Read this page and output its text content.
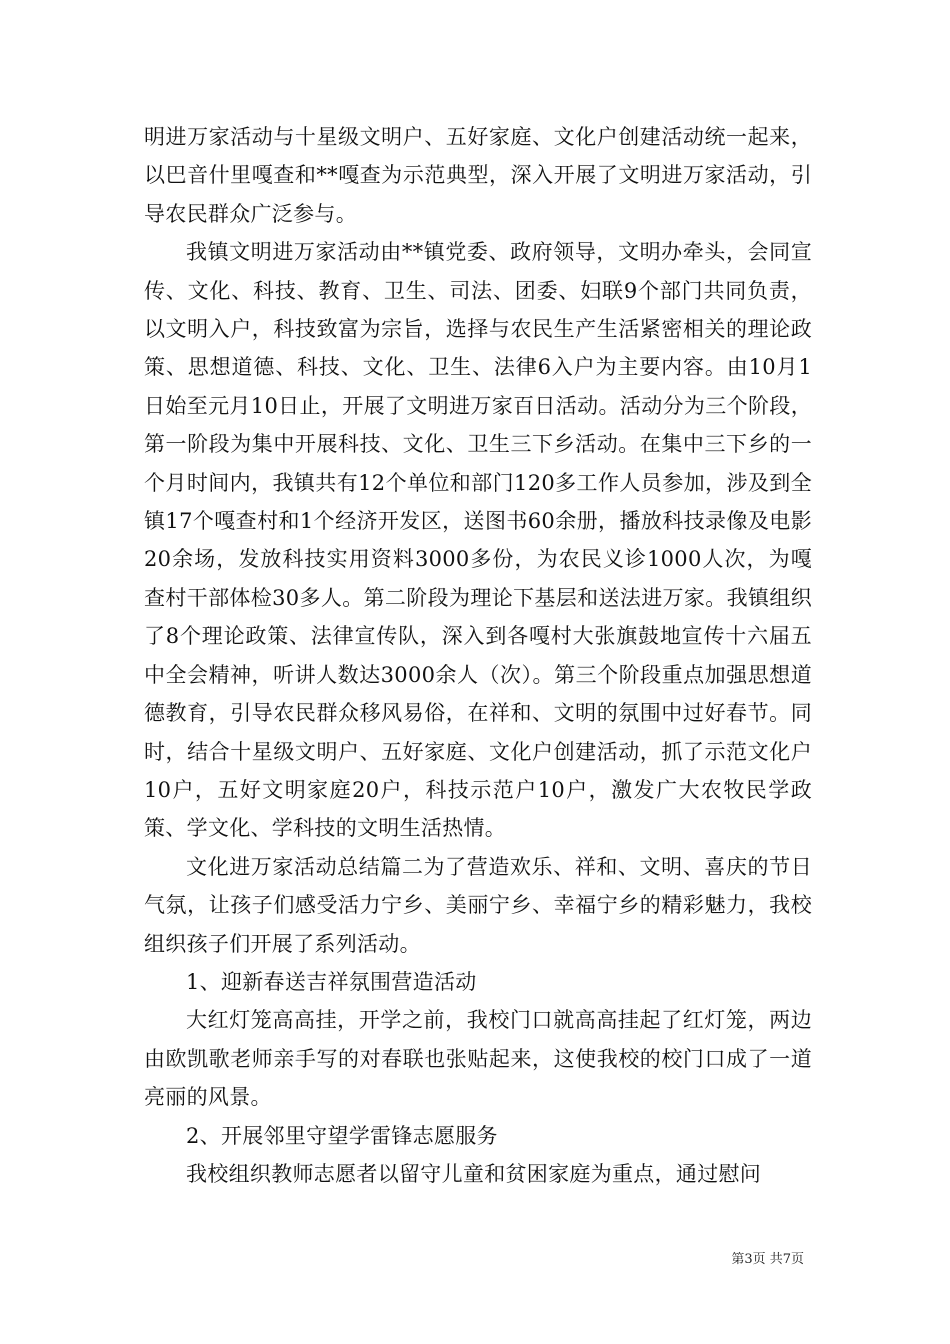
明进万家活动与十星级文明户、五好家庭、文化户创建活动统一起来，以巴音什里嘎查和**嘎查为示范典型，深入开展了文明进万家活动，引导农民群众广泛参与。

我镇文明进万家活动由**镇党委、政府领导，文明办牵头，会同宣传、文化、科技、教育、卫生、司法、团委、妇联9个部门共同负责，以文明入户，科技致富为宗旨，选择与农民生产生活紧密相关的理论政策、思想道德、科技、文化、卫生、法律6入户为主要内容。由10月1日始至元月10日止，开展了文明进万家百日活动。活动分为三个阶段，第一阶段为集中开展科技、文化、卫生三下乡活动。在集中三下乡的一个月时间内，我镇共有12个单位和部门120多工作人员参加，涉及到全镇17个嘎查村和1个经济开发区，送图书60余册，播放科技录像及电影20余场，发放科技实用资料3000多份，为农民义诊1000人次，为嘎查村干部体检30多人。第二阶段为理论下基层和送法进万家。我镇组织了8个理论政策、法律宣传队，深入到各嘎村大张旗鼓地宣传十六届五中全会精神，听讲人数达3000余人（次）。第三个阶段重点加强思想道德教育，引导农民群众移风易俗，在祥和、文明的氛围中过好春节。同时，结合十星级文明户、五好家庭、文化户创建活动，抓了示范文化户10户，五好文明家庭20户，科技示范户10户，激发广大农牧民学政策、学文化、学科技的文明生活热情。

文化进万家活动总结篇二为了营造欢乐、祥和、文明、喜庆的节日气氛，让孩子们感受活力宁乡、美丽宁乡、幸福宁乡的精彩魅力，我校组织孩子们开展了系列活动。

1、迎新春送吉祥氛围营造活动

大红灯笼高高挂，开学之前，我校门口就高高挂起了红灯笼，两边由欧凯歌老师亲手写的对春联也张贴起来，这使我校的校门口成了一道亮丽的风景。

2、开展邻里守望学雷锋志愿服务

我校组织教师志愿者以留守儿童和贫困家庭为重点，通过慰问

第3页 共7页
